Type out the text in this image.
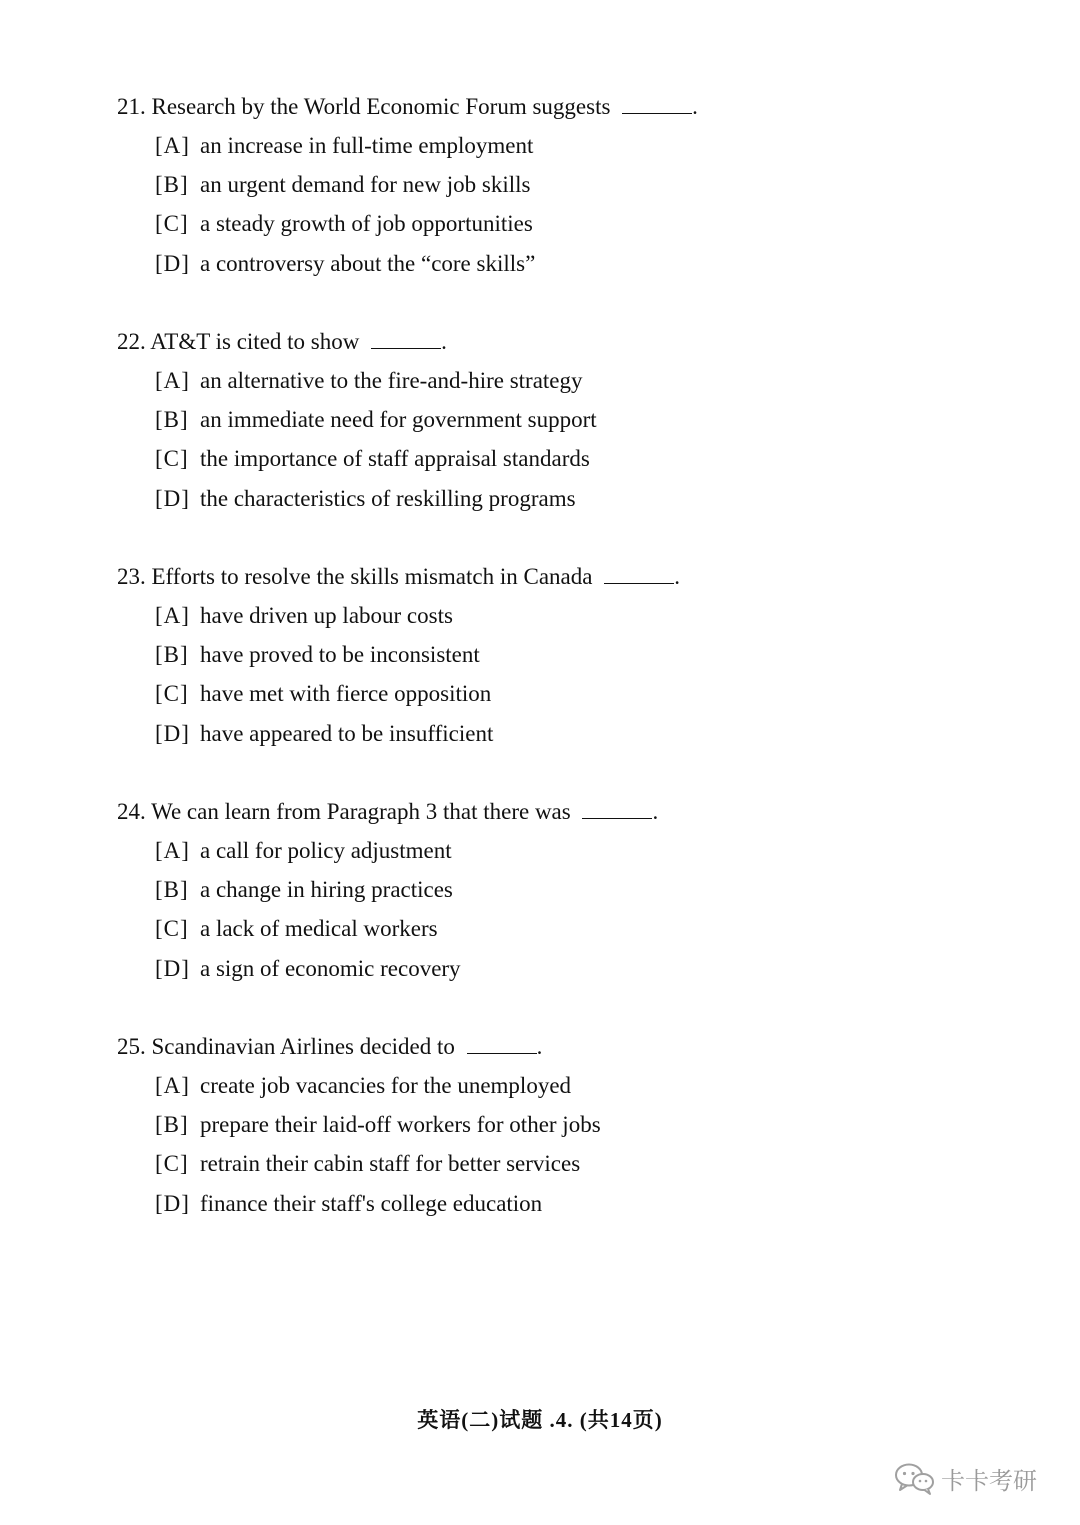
21. Research by the World Economic Forum suggests	.
[A] an increase in full-time employment
[B] an urgent demand for new job skills
[C] a steady growth of job opportunities
[D] a controversy about the “core skills”
22. AT&T is cited to show	.
[A] an alternative to the fire-and-hire strategy
[B] an immediate need for government support
[C] the importance of staff appraisal standards
[D] the characteristics of reskilling programs
23. Efforts to resolve the skills mismatch in Canada	.
[A] have driven up labour costs
[B] have proved to be inconsistent
[C] have met with fierce opposition
[D] have appeared to be insufficient
24. We can learn from Paragraph 3 that there was	.
[A] a call for policy adjustment
[B] a change in hiring practices
[C] a lack of medical workers
[D] a sign of economic recovery
25. Scandinavian Airlines decided to	.
[A] create job vacancies for the unemployed
[B] prepare their laid-off workers for other jobs
[C] retrain their cabin staff for better services
[D] finance their staff's college education
英语(二)试题 .4. (共14页)
卡卡考研
